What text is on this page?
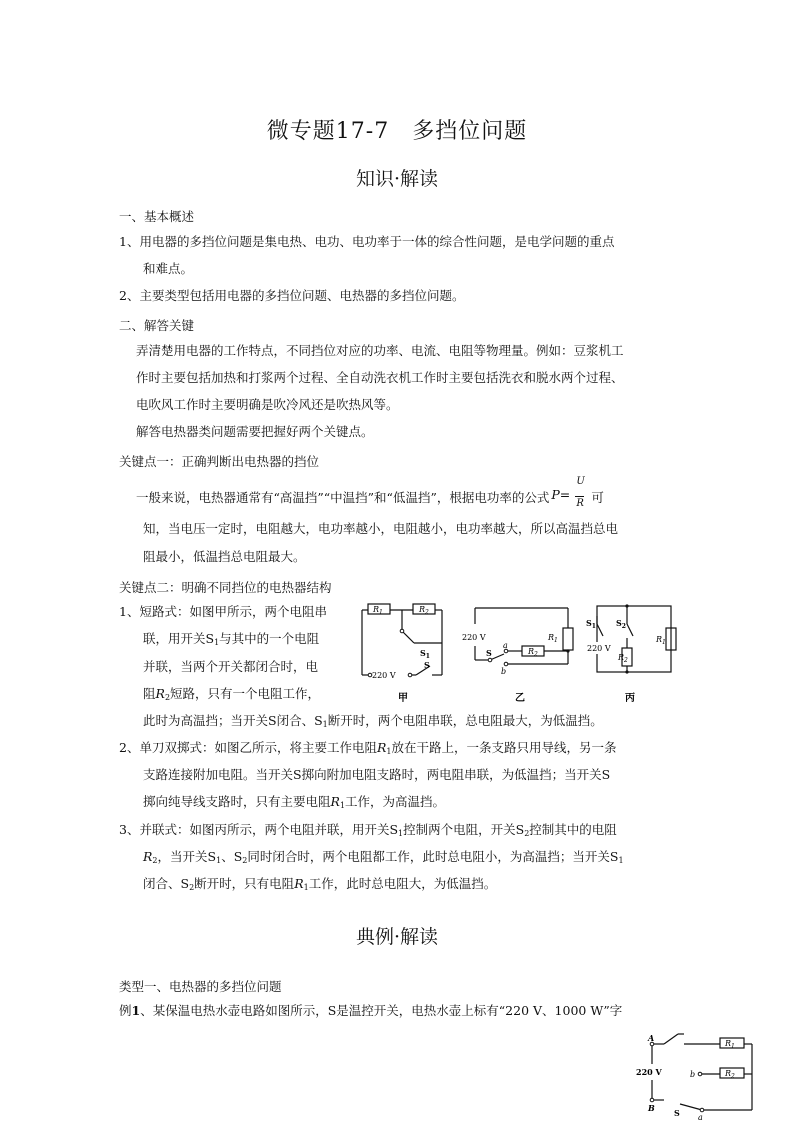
微专题17-7　多挡位问题
知识·解读
一、基本概述
1、用电器的多挡位问题是集电热、电功、电功率于一体的综合性问题，是电学问题的重点
和难点。
2、主要类型包括用电器的多挡位问题、电热器的多挡位问题。
二、解答关键
弄清楚用电器的工作特点，不同挡位对应的功率、电流、电阻等物理量。例如：豆浆机工
作时主要包括加热和打浆两个过程、全自动洗衣机工作时主要包括洗衣和脱水两个过程、
电吹风工作时主要明确是吹冷风还是吹热风等。
解答电热器类问题需要把握好两个关键点。
关键点一：正确判断出电热器的挡位
一般来说，电热器通常有“高温挡”“中温挡”和“低温挡”，根据电功率的公式 P=
U
R 可
知，当电压一定时，电阻越大，电功率越小，电阻越小，电功率越大，所以高温挡总电
阻最小，低温挡总电阻最大。
关键点二：明确不同挡位的电热器结构
1、短路式：如图甲所示，两个电阻串
联，用开关$S_1$与其中的一个电阻
并联，当两个开关都闭合时，电
阻$R_2$短路，只有一个电阻工作，
此时为高温挡；当开关S闭合、$S_1$断开时，两个电阻串联，总电阻最大，为低温挡。
2、单刀双掷式：如图乙所示，将主要工作电阻$R_1$放在干路上，一条支路只用导线，另一条
支路连接附加电阻。当开关S掷向附加电阻支路时，两电阻串联，为低温挡；当开关S
掷向纯导线支路时，只有主要电阻$R_1$工作，为高温挡。
3、并联式：如图丙所示，两个电阻并联，用开关$S_1$控制两个电阻，开关$S_2$控制其中的电阻
$R_2$，当开关$S_1$、$S_2$同时闭合时，两个电阻都工作，此时总电阻小，为高温挡；当开关$S_1$
闭合、$S_2$断开时，只有电阻$R_1$工作，此时总电阻大，为低温挡。
典例·解读
类型一、电热器的多挡位问题
例1、某保温电热水壶电路如图所示，S是温控开关，电热水壶上标有“220 V、1000 W”字
$R_1$	$R_2$
$S_1$
S
220 V
甲
220 V
S
a
b
$R_1$
$R_2$
乙
$S_1$	$S_2$
220 V
$R_2$
$R_1$
丙
A
B
220 V	b
S a
$R_1$
$R_2$
